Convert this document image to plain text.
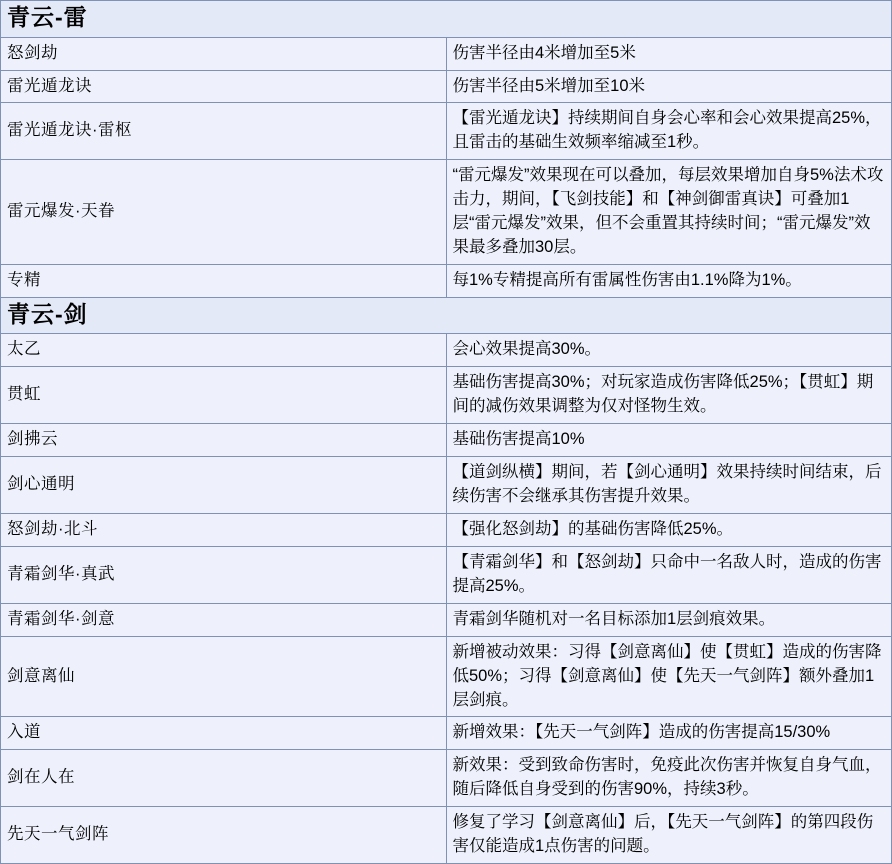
青云-雷	
怒剑劫	伤害半径由4米增加至5米
雷光遁龙诀	伤害半径由5米增加至10米
雷光遁龙诀·雷枢	【雷光遁龙诀】持续期间自身会心率和会心效果提高25%，且雷击的基础生效频率缩减至1秒。
雷元爆发·天眷	“雷元爆发”效果现在可以叠加，每层效果增加自身5%法术攻击力，期间，【飞剑技能】和【神剑御雷真诀】可叠加1层“雷元爆发”效果，但不会重置其持续时间；“雷元爆发”效果最多叠加30层。
专精	每1%专精提高所有雷属性伤害由1.1%降为1%。
青云-剑	
太乙	会心效果提高30%。
贯虹	基础伤害提高30%；对玩家造成伤害降低25%；【贯虹】期间的减伤效果调整为仅对怪物生效。
剑拂云	基础伤害提高10%
剑心通明	【道剑纵横】期间，若【剑心通明】效果持续时间结束，后续伤害不会继承其伤害提升效果。
怒剑劫·北斗	【强化怒剑劫】的基础伤害降低25%。
青霜剑华·真武	【青霜剑华】和【怒剑劫】只命中一名敌人时，造成的伤害提高25%。
青霜剑华·剑意	青霜剑华随机对一名目标添加1层剑痕效果。
剑意离仙	新增被动效果：习得【剑意离仙】使【贯虹】造成的伤害降低50%；习得【剑意离仙】使【先天一气剑阵】额外叠加1层剑痕。
入道	新增效果：【先天一气剑阵】造成的伤害提高15/30%
剑在人在	新效果：受到致命伤害时，免疫此次伤害并恢复自身气血，随后降低自身受到的伤害90%，持续3秒。
先天一气剑阵	修复了学习【剑意离仙】后，【先天一气剑阵】的第四段伤害仅能造成1点伤害的问题。
